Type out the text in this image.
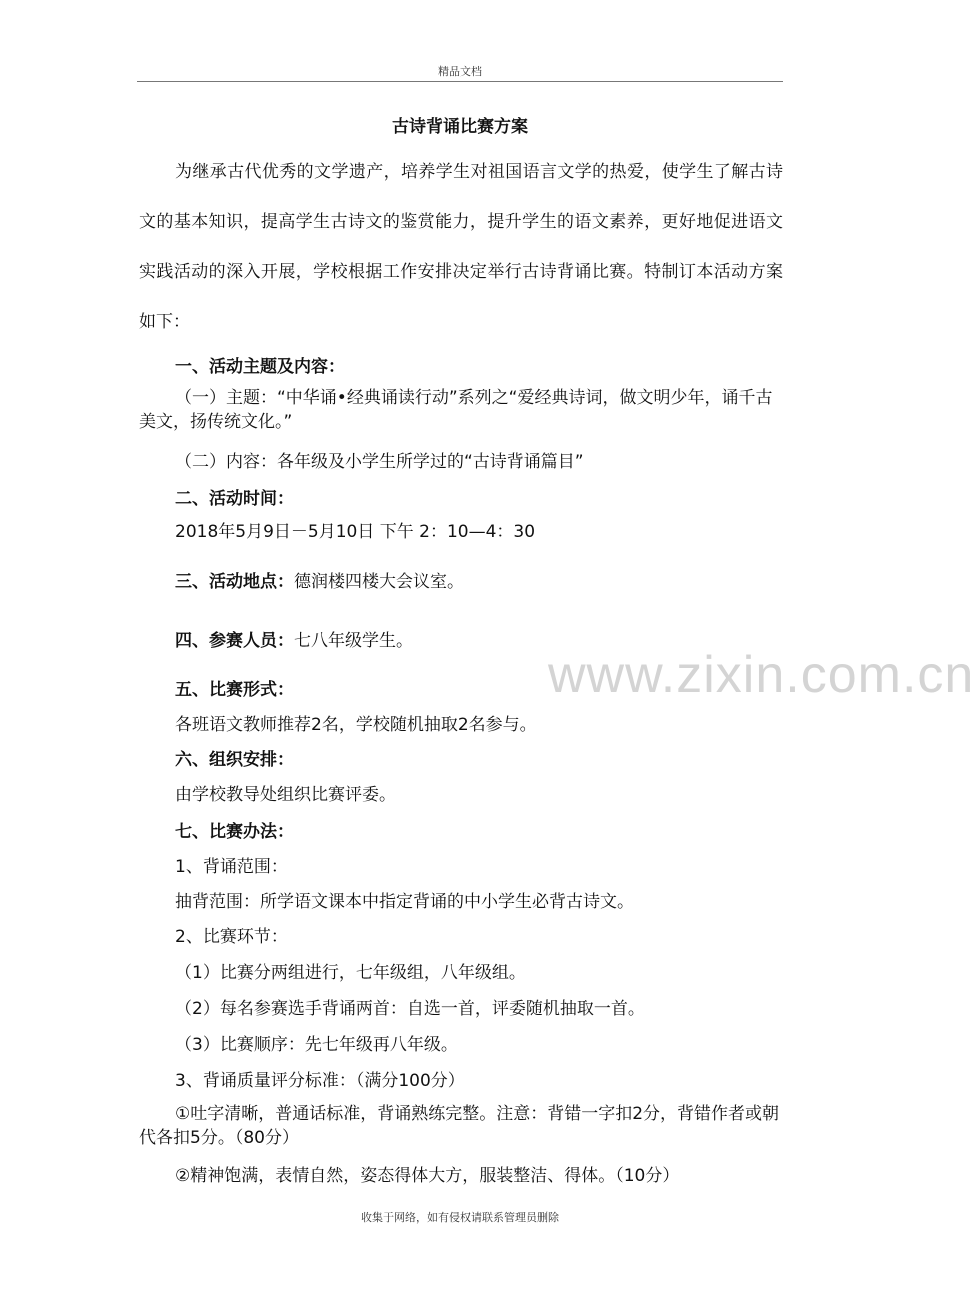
精品文档
古诗背诵比赛方案

为继承古代优秀的文学遗产，培养学生对祖国语言文学的热爱，使学生了解古诗文的基本知识，提高学生古诗文的鉴赏能力，提升学生的语文素养，更好地促进语文实践活动的深入开展，学校根据工作安排决定举行古诗背诵比赛。特制订本活动方案如下：

一、活动主题及内容：
（一）主题：“中华诵•经典诵读行动”系列之“爱经典诗词，做文明少年，诵千古美文，扬传统文化。”
（二）内容：各年级及小学生所学过的“古诗背诵篇目”
二、活动时间：
2018年5月9日－5月10日 下午 2：10—4：30
三、活动地点：德润楼四楼大会议室。
四、参赛人员：七八年级学生。
www.zixin.com.cn
五、比赛形式：
各班语文教师推荐2名，学校随机抽取2名参与。
六、组织安排：
由学校教导处组织比赛评委。
七、比赛办法：
1、背诵范围：
抽背范围：所学语文课本中指定背诵的中小学生必背古诗文。
2、比赛环节：
（1）比赛分两组进行，七年级组，八年级组。
（2）每名参赛选手背诵两首：自选一首，评委随机抽取一首。
（3）比赛顺序：先七年级再八年级。
3、背诵质量评分标准：（满分100分）
①吐字清晰，普通话标准，背诵熟练完整。注意：背错一字扣2分，背错作者或朝代各扣5分。（80分）
②精神饱满，表情自然，姿态得体大方，服装整洁、得体。（10分）
收集于网络，如有侵权请联系管理员删除
